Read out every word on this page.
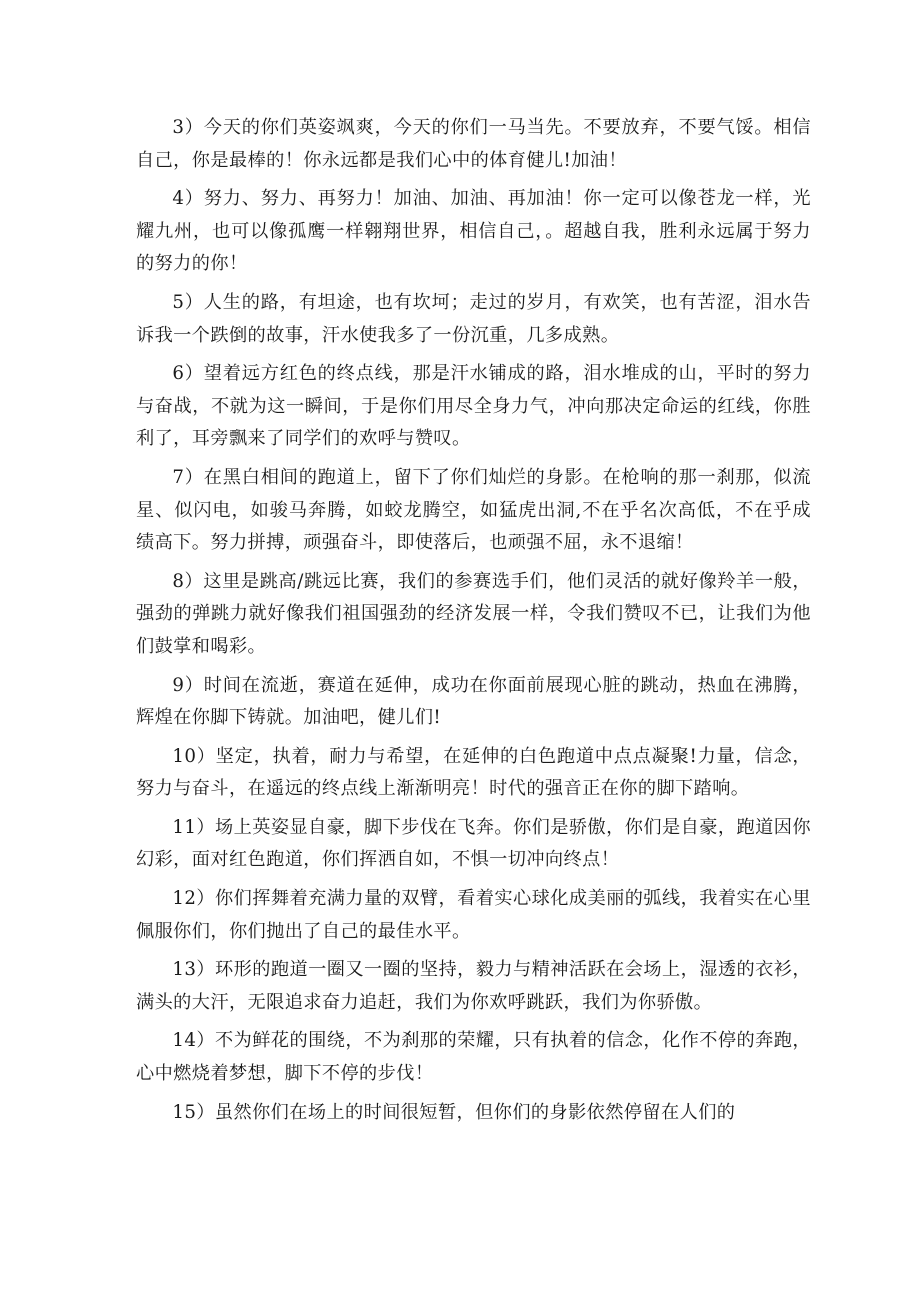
3）今天的你们英姿飒爽，今天的你们一马当先。不要放弃，不要气馁。相信自己，你是最棒的！你永远都是我们心中的体育健儿!加油！

4）努力、努力、再努力！加油、加油、再加油！你一定可以像苍龙一样，光耀九州，也可以像孤鹰一样翱翔世界，相信自己，。超越自我，胜利永远属于努力的努力的你！

5）人生的路，有坦途，也有坎坷；走过的岁月，有欢笑，也有苦涩，泪水告诉我一个跌倒的故事，汗水使我多了一份沉重，几多成熟。

6）望着远方红色的终点线，那是汗水铺成的路，泪水堆成的山，平时的努力与奋战，不就为这一瞬间，于是你们用尽全身力气，冲向那决定命运的红线，你胜利了，耳旁飘来了同学们的欢呼与赞叹。

7）在黑白相间的跑道上，留下了你们灿烂的身影。在枪响的那一刹那，似流星、似闪电，如骏马奔腾，如蛟龙腾空，如猛虎出洞,不在乎名次高低，不在乎成绩高下。努力拼搏，顽强奋斗，即使落后，也顽强不屈，永不退缩！

8）这里是跳高/跳远比赛，我们的参赛选手们，他们灵活的就好像羚羊一般，强劲的弹跳力就好像我们祖国强劲的经济发展一样，令我们赞叹不已，让我们为他们鼓掌和喝彩。

9）时间在流逝，赛道在延伸，成功在你面前展现心脏的跳动，热血在沸腾，辉煌在你脚下铸就。加油吧，健儿们!

10）坚定，执着，耐力与希望，在延伸的白色跑道中点点凝聚!力量，信念，努力与奋斗，在遥远的终点线上渐渐明亮！时代的强音正在你的脚下踏响。

11）场上英姿显自豪，脚下步伐在飞奔。你们是骄傲，你们是自豪，跑道因你幻彩，面对红色跑道，你们挥洒自如，不惧一切冲向终点！

12）你们挥舞着充满力量的双臂，看着实心球化成美丽的弧线，我着实在心里佩服你们，你们抛出了自己的最佳水平。

13）环形的跑道一圈又一圈的坚持，毅力与精神活跃在会场上，湿透的衣衫，满头的大汗，无限追求奋力追赶，我们为你欢呼跳跃，我们为你骄傲。

14）不为鲜花的围绕，不为刹那的荣耀，只有执着的信念，化作不停的奔跑，心中燃烧着梦想，脚下不停的步伐！

15）虽然你们在场上的时间很短暂，但你们的身影依然停留在人们的
